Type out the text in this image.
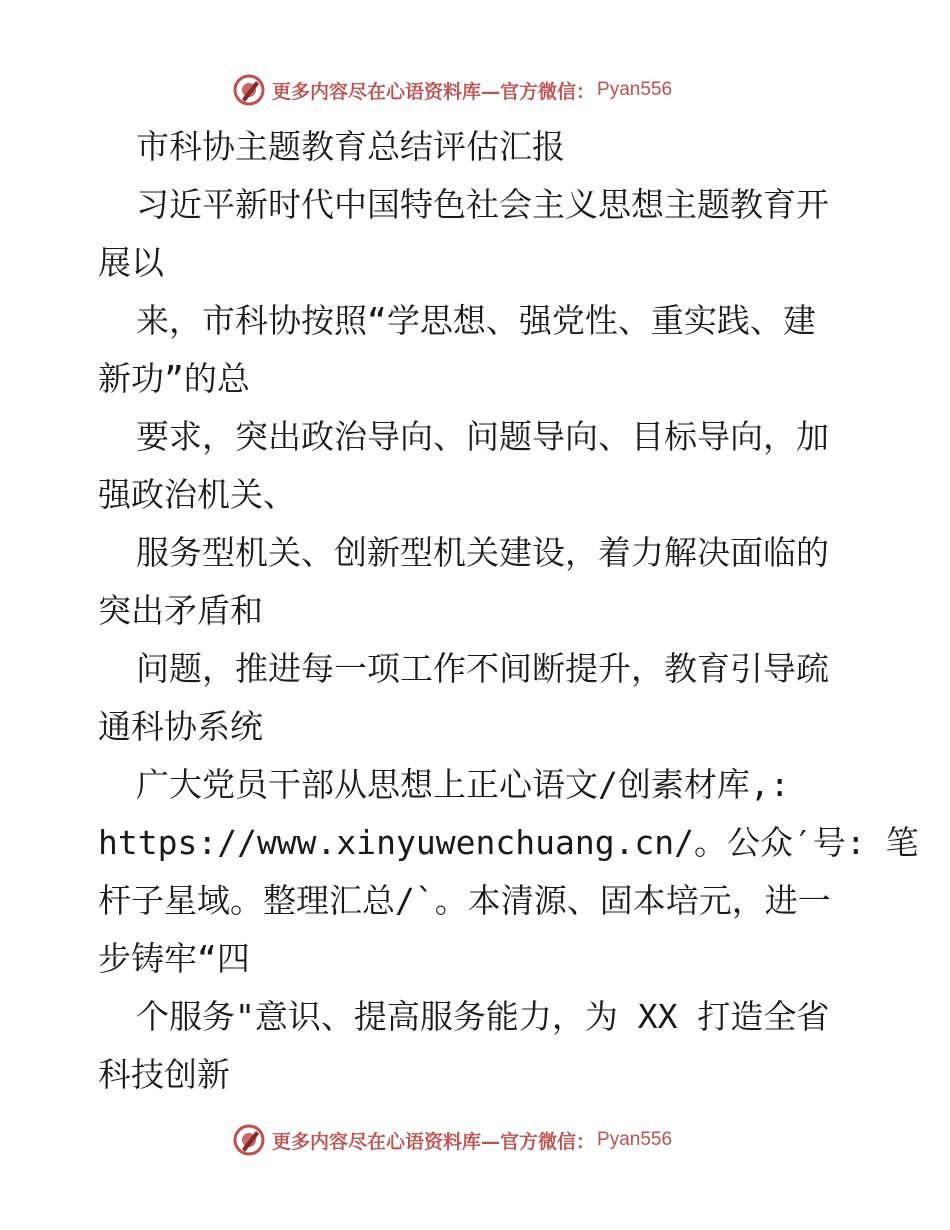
更多内容尽在心语资料库—官方微信： Pyan556
市科协主题教育总结评估汇报
习近平新时代中国特色社会主义思想主题教育开
展以
来，市科协按照“学思想、强党性、重实践、建
新功”的总
要求，突出政治导向、问题导向、目标导向，加
强政治机关、
服务型机关、创新型机关建设，着力解决面临的
突出矛盾和
问题，推进每一项工作不间断提升，教育引导疏
通科协系统
广大党员干部从思想上正心语文/创素材库,:
https://www.xinyuwenchuang.cn/。公众′号: 笔
杆子星域。整理汇总/`。本清源、固本培元，进一
步铸牢“四
个服务"意识、提高服务能力，为 XX 打造全省
科技创新
更多内容尽在心语资料库—官方微信： Pyan556
